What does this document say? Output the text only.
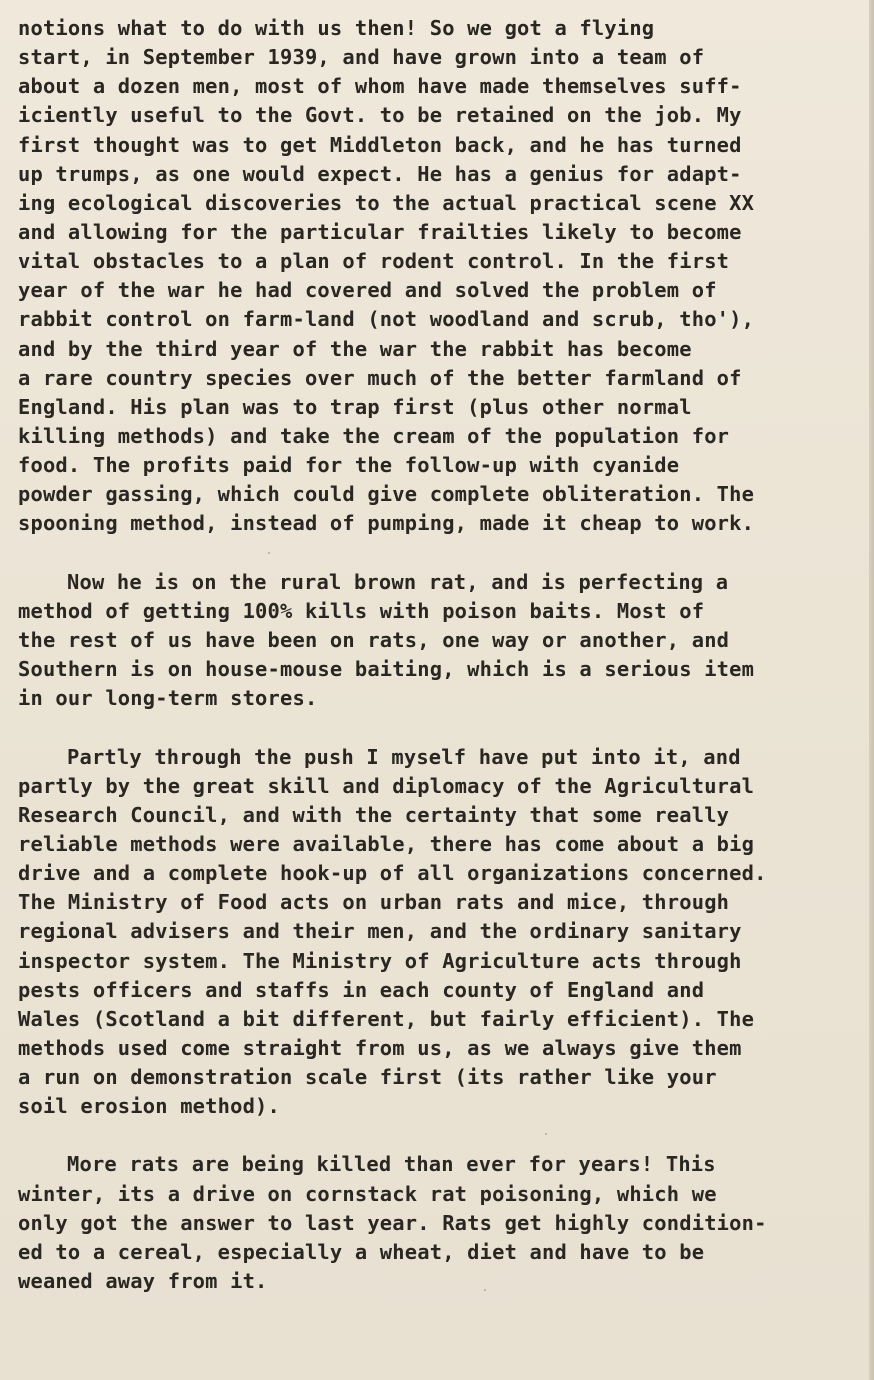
notions what to do with us then! So we got a flying
start, in September 1939, and have grown into a team of
about a dozen men, most of whom have made themselves suff-
iciently useful to the Govt. to be retained on the job. My
first thought was to get Middleton back, and he has turned
up trumps, as one would expect. He has a genius for adapt-
ing ecological discoveries to the actual practical scene XX
and allowing for the particular frailties likely to become
vital obstacles to a plan of rodent control. In the first
year of the war he had covered and solved the problem of
rabbit control on farm-land (not woodland and scrub, tho'),
and by the third year of the war the rabbit has become
a rare country species over much of the better farmland of
England. His plan was to trap first (plus other normal
killing methods) and take the cream of the population for
food. The profits paid for the follow-up with cyanide
powder gassing, which could give complete obliteration. The
spooning method, instead of pumping, made it cheap to work.
Now he is on the rural brown rat, and is perfecting a
method of getting 100% kills with poison baits. Most of
the rest of us have been on rats, one way or another, and
Southern is on house-mouse baiting, which is a serious item
in our long-term stores.
Partly through the push I myself have put into it, and
partly by the great skill and diplomacy of the Agricultural
Research Council, and with the certainty that some really
reliable methods were available, there has come about a big
drive and a complete hook-up of all organizations concerned.
The Ministry of Food acts on urban rats and mice, through
regional advisers and their men, and the ordinary sanitary
inspector system. The Ministry of Agriculture acts through
pests officers and staffs in each county of England and
Wales (Scotland a bit different, but fairly efficient). The
methods used come straight from us, as we always give them
a run on demonstration scale first (its rather like your
soil erosion method).
More rats are being killed than ever for years! This
winter, its a drive on cornstack rat poisoning, which we
only got the answer to last year. Rats get highly condition-
ed to a cereal, especially a wheat, diet and have to be
weaned away from it.
